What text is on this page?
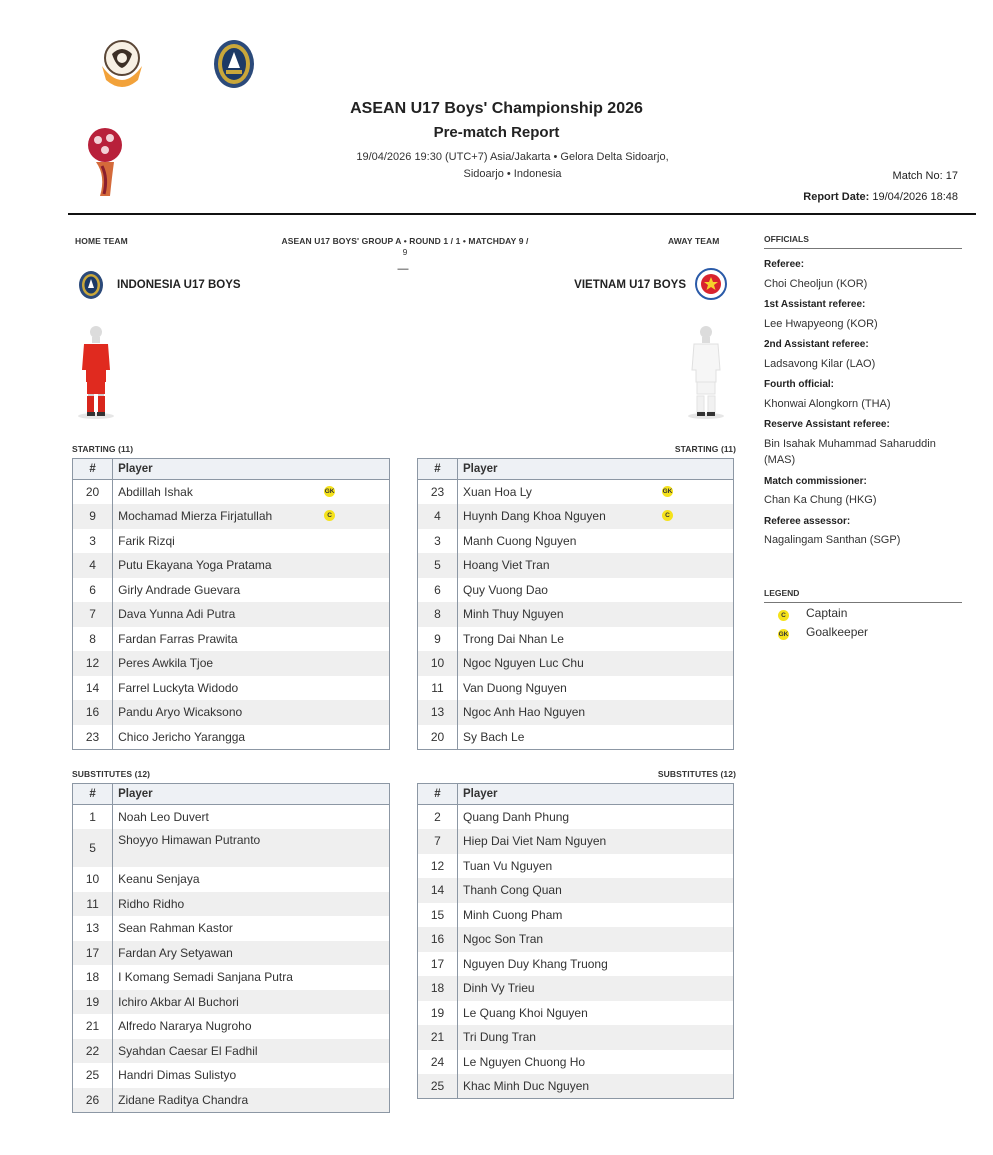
ASEAN U17 Boys' Championship 2026
Pre-match Report
19/04/2026 19:30 (UTC+7) Asia/Jakarta • Gelora Delta Sidoarjo,
Sidoarjo • Indonesia	Match No: 17
Report Date: 19/04/2026 18:48
HOME TEAM	ASEAN U17 BOYS' GROUP A • ROUND 1 / 1 • MATCHDAY 9 /
9
—
AWAY TEAM
INDONESIA U17 BOYS	VIETNAM U17 BOYS
STARTING (11)	STARTING (11)
#	Player
20	Abdillah Ishak GK

9	Mochamad Mierza Firjatullah C

3	Farik Rizqi
4	Putu Ekayana Yoga Pratama
6	Girly Andrade Guevara
7	Dava Yunna Adi Putra
8	Fardan Farras Prawita
12	Peres Awkila Tjoe
14	Farrel Luckyta Widodo
16	Pandu Aryo Wicaksono
23	Chico Jericho Yarangga
#	Player
23	Xuan Hoa Ly GK

4	Huynh Dang Khoa Nguyen C

3	Manh Cuong Nguyen
5	Hoang Viet Tran
6	Quy Vuong Dao
8	Minh Thuy Nguyen
9	Trong Dai Nhan Le
10	Ngoc Nguyen Luc Chu
11	Van Duong Nguyen
13	Ngoc Anh Hao Nguyen
20	Sy Bach Le
SUBSTITUTES (12)	SUBSTITUTES (12)
#	Player
1	Noah Leo Duvert
5	Shoyyo Himawan Putranto
10	Keanu Senjaya
11	Ridho Ridho
13	Sean Rahman Kastor
17	Fardan Ary Setyawan
18	I Komang Semadi Sanjana Putra
19	Ichiro Akbar Al Buchori
21	Alfredo Nararya Nugroho
22	Syahdan Caesar El Fadhil
25	Handri Dimas Sulistyo
26	Zidane Raditya Chandra
#	Player
2	Quang Danh Phung
7	Hiep Dai Viet Nam Nguyen
12	Tuan Vu Nguyen
14	Thanh Cong Quan
15	Minh Cuong Pham
16	Ngoc Son Tran
17	Nguyen Duy Khang Truong
18	Dinh Vy Trieu
19	Le Quang Khoi Nguyen
21	Tri Dung Tran
24	Le Nguyen Chuong Ho
25	Khac Minh Duc Nguyen
OFFICIALS
Referee:
Choi Cheoljun (KOR)
1st Assistant referee:
Lee Hwapyeong (KOR)
2nd Assistant referee:
Ladsavong Kilar (LAO)
Fourth official:
Khonwai Alongkorn (THA)
Reserve Assistant referee:
Bin Isahak Muhammad Saharuddin (MAS)
Match commissioner:
Chan Ka Chung (HKG)
Referee assessor:
Nagalingam Santhan (SGP)
LEGEND
C Captain
GK Goalkeeper
